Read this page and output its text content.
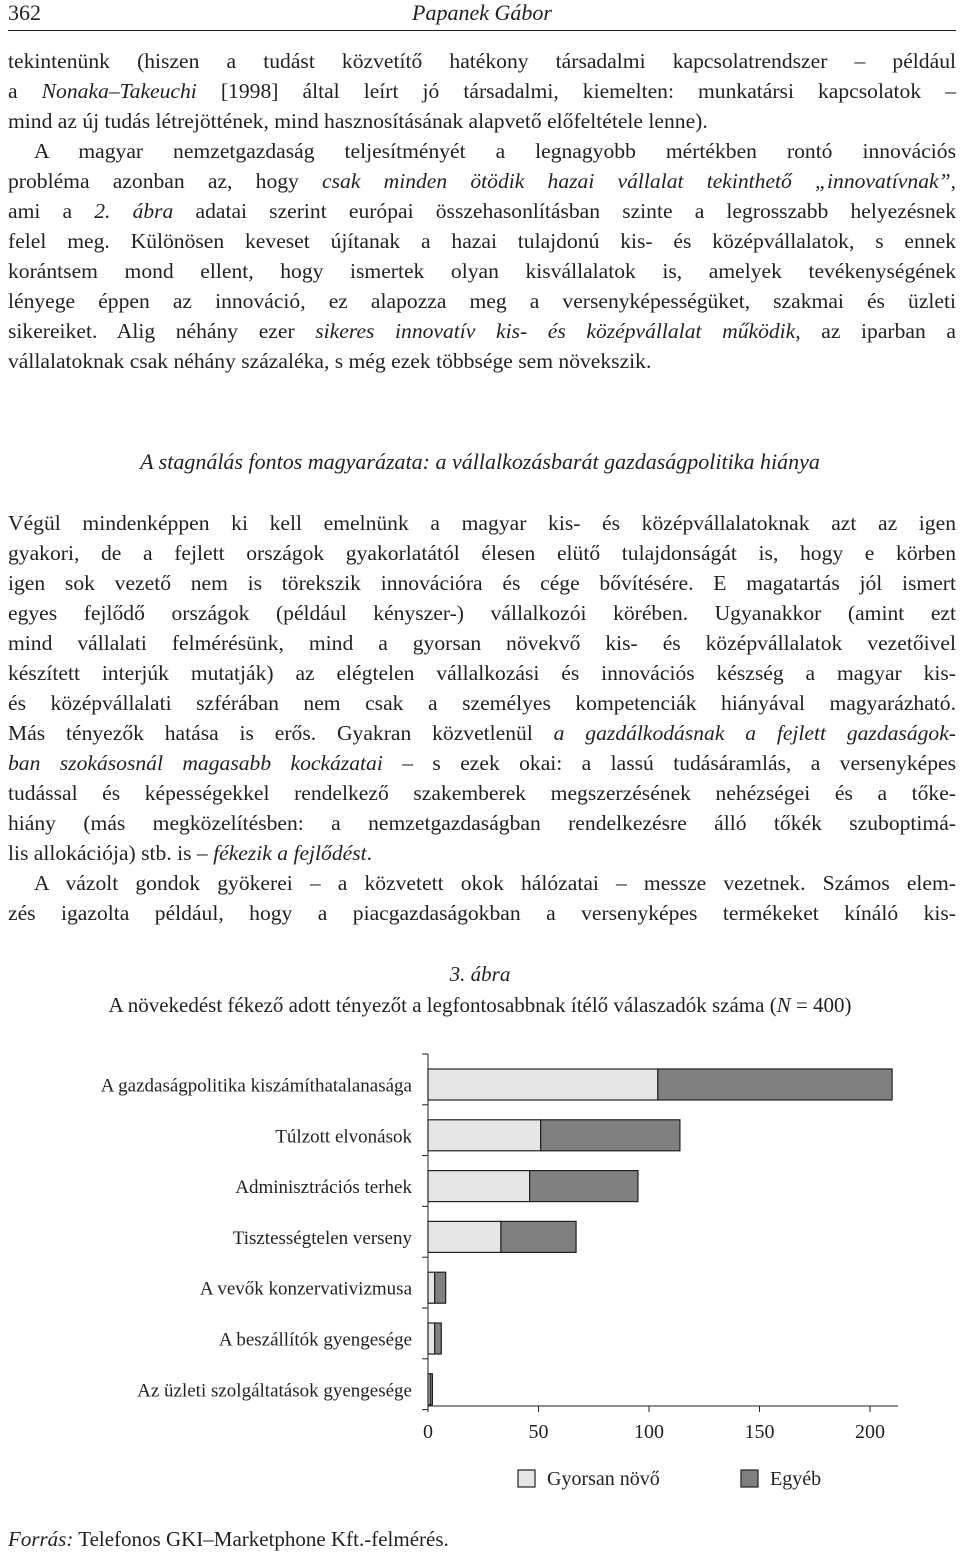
362	Papanek Gábor
tekintenünk (hiszen a tudást közvetítő hatékony társadalmi kapcsolatrendszer – például
a Nonaka–Takeuchi [1998] által leírt jó társadalmi, kiemelten: munkatársi kapcsolatok –
mind az új tudás létrejöttének, mind hasznosításának alapvető előfeltétele lenne).
A magyar nemzetgazdaság teljesítményét a legnagyobb mértékben rontó innovációs
probléma azonban az, hogy csak minden ötödik hazai vállalat tekinthető „innovatívnak”,
ami a 2. ábra adatai szerint európai összehasonlításban szinte a legrosszabb helyezésnek
felel meg. Különösen keveset újítanak a hazai tulajdonú kis- és középvállalatok, s ennek
korántsem mond ellent, hogy ismertek olyan kisvállalatok is, amelyek tevékenységének
lényege éppen az innováció, ez alapozza meg a versenyképességüket, szakmai és üzleti
sikereiket. Alig néhány ezer sikeres innovatív kis- és középvállalat működik, az iparban a
vállalatoknak csak néhány százaléka, s még ezek többsége sem növekszik.
A stagnálás fontos magyarázata: a vállalkozásbarát gazdaságpolitika hiánya
Végül mindenképpen ki kell emelnünk a magyar kis- és középvállalatoknak azt az igen
gyakori, de a fejlett országok gyakorlatától élesen elütő tulajdonságát is, hogy e körben
igen sok vezető nem is törekszik innovációra és cége bővítésére. E magatartás jól ismert
egyes fejlődő országok (például kényszer-) vállalkozói körében. Ugyanakkor (amint ezt
mind vállalati felmérésünk, mind a gyorsan növekvő kis- és középvállalatok vezetőivel
készített interjúk mutatják) az elégtelen vállalkozási és innovációs készség a magyar kis-
és középvállalati szférában nem csak a személyes kompetenciák hiányával magyarázható.
Más tényezők hatása is erős. Gyakran közvetlenül a gazdálkodásnak a fejlett gazdaságok-
ban szokásosnál magasabb kockázatai – s ezek okai: a lassú tudásáramlás, a versenyképes
tudással és képességekkel rendelkező szakemberek megszerzésének nehézségei és a tőke-
hiány (más megközelítésben: a nemzetgazdaságban rendelkezésre álló tőkék szuboptimá-
lis allokációja) stb. is – fékezik a fejlődést.
A vázolt gondok gyökerei – a közvetett okok hálózatai – messze vezetnek. Számos elem-
zés igazolta például, hogy a piacgazdaságokban a versenyképes termékeket kínáló kis-
3. ábra
A növekedést fékező adott tényezőt a legfontosabbnak ítélő válaszadók száma (N = 400)
0	50	100	150	200
A gazdaságpolitika kiszámíthatalanasága
Túlzott elvonások
Adminisztrációs terhek
Tisztességtelen verseny
A vevők konzervativizmusa
A beszállítók gyengesége
Az üzleti szolgáltatások gyengesége
Gyorsan növő	Egyéb
Forrás: Telefonos GKI–Marketphone Kft.-felmérés.
